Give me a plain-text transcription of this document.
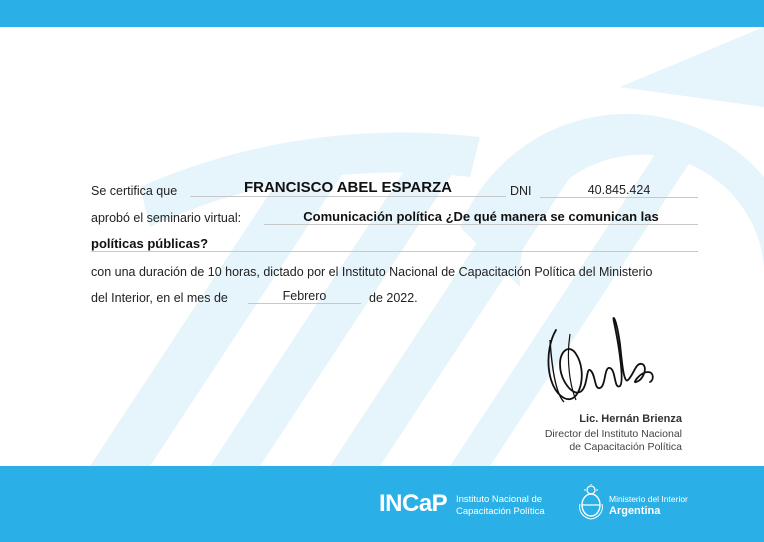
Se certifica que	FRANCISCO ABEL ESPARZA	DNI	40.845.424
aprobó el seminario virtual:	Comunicación política ¿De qué manera se comunican las
políticas públicas?
con una duración de 10 horas, dictado por el Instituto Nacional de Capacitación Política del Ministerio
del Interior, en el mes de	Febrero	de 2022.
Lic. Hernán Brienza
Director del Instituto Nacional
de Capacitación Política
INCaP Instituto Nacional de
Capacitación Política
Ministerio del Interior
Argentina
